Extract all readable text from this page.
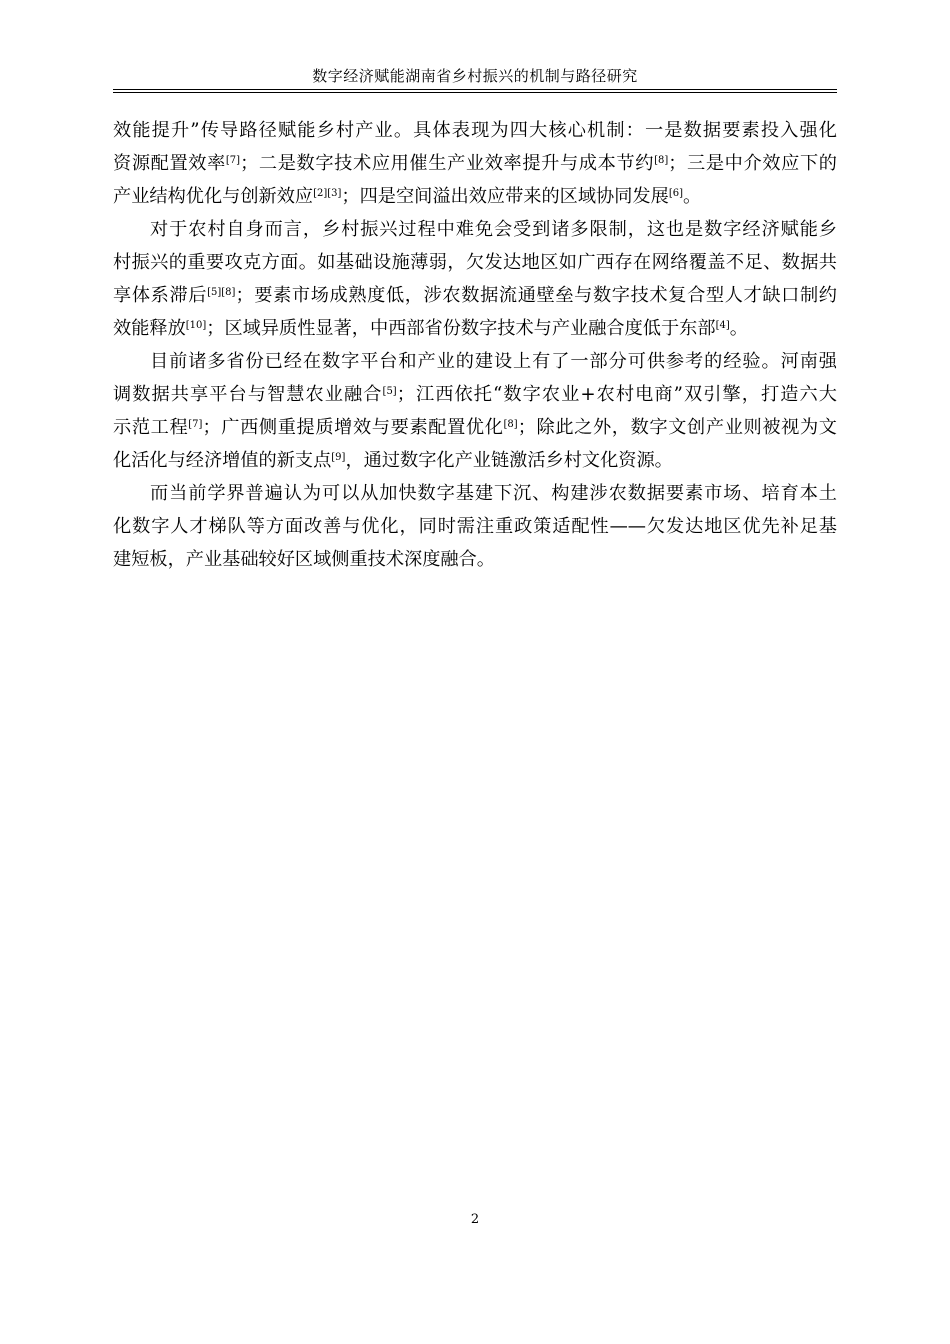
数字经济赋能湖南省乡村振兴的机制与路径研究
效能提升”传导路径赋能乡村产业。具体表现为四大核心机制：一是数据要素投入强化
资源配置效率[7]；二是数字技术应用催生产业效率提升与成本节约[8]；三是中介效应下的
产业结构优化与创新效应[2][3]；四是空间溢出效应带来的区域协同发展[6]。
对于农村自身而言，乡村振兴过程中难免会受到诸多限制，这也是数字经济赋能乡
村振兴的重要攻克方面。如基础设施薄弱，欠发达地区如广西存在网络覆盖不足、数据共
享体系滞后[5][8]；要素市场成熟度低，涉农数据流通壁垒与数字技术复合型人才缺口制约
效能释放[10]；区域异质性显著，中西部省份数字技术与产业融合度低于东部[4]。
目前诸多省份已经在数字平台和产业的建设上有了一部分可供参考的经验。河南强
调数据共享平台与智慧农业融合[5]；江西依托“数字农业+农村电商”双引擎，打造六大
示范工程[7]；广西侧重提质增效与要素配置优化[8]；除此之外，数字文创产业则被视为文
化活化与经济增值的新支点[9]，通过数字化产业链激活乡村文化资源。
而当前学界普遍认为可以从加快数字基建下沉、构建涉农数据要素市场、培育本土
化数字人才梯队等方面改善与优化，同时需注重政策适配性——欠发达地区优先补足基
建短板，产业基础较好区域侧重技术深度融合。
2
